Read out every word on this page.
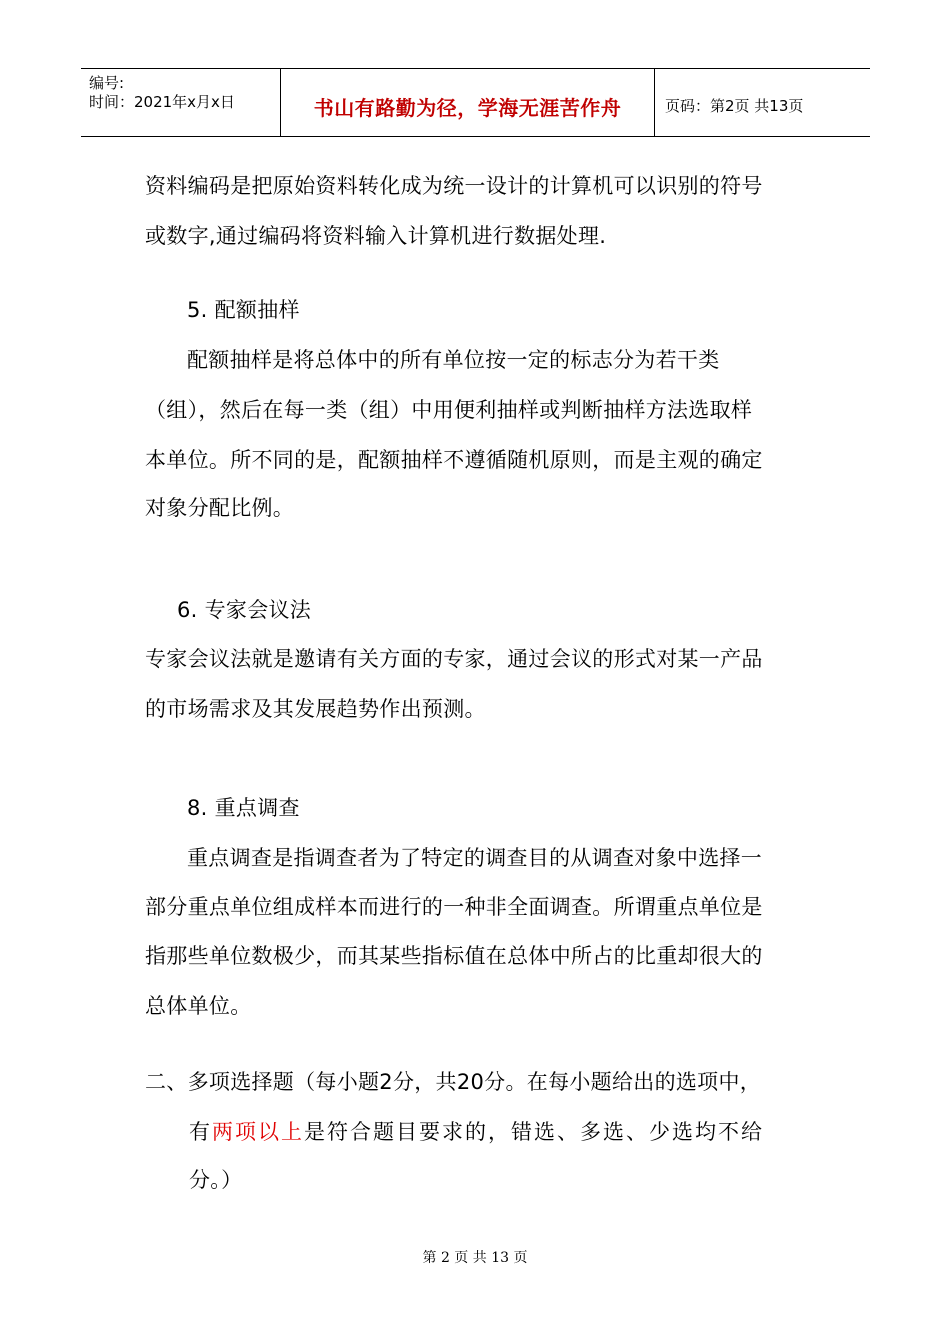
编号:
时间：2021年x月x日	书山有路勤为径，学海无涯苦作舟	页码：第2页 共13页
资料编码是把原始资料转化成为统一设计的计算机可以识别的符号
或数字,通过编码将资料输入计算机进行数据处理.
5. 配额抽样
配额抽样是将总体中的所有单位按一定的标志分为若干类
（组），然后在每一类（组）中用便利抽样或判断抽样方法选取样
本单位。所不同的是，配额抽样不遵循随机原则，而是主观的确定
对象分配比例。
6. 专家会议法
专家会议法就是邀请有关方面的专家，通过会议的形式对某一产品
的市场需求及其发展趋势作出预测。
8. 重点调查
重点调查是指调查者为了特定的调查目的从调查对象中选择一
部分重点单位组成样本而进行的一种非全面调查。所谓重点单位是
指那些单位数极少，而其某些指标值在总体中所占的比重却很大的
总体单位。
二、多项选择题（每小题2分，共20分。在每小题给出的选项中，
有两项以上是符合题目要求的，错选、多选、少选均不给
分。）
第 2 页 共 13 页
